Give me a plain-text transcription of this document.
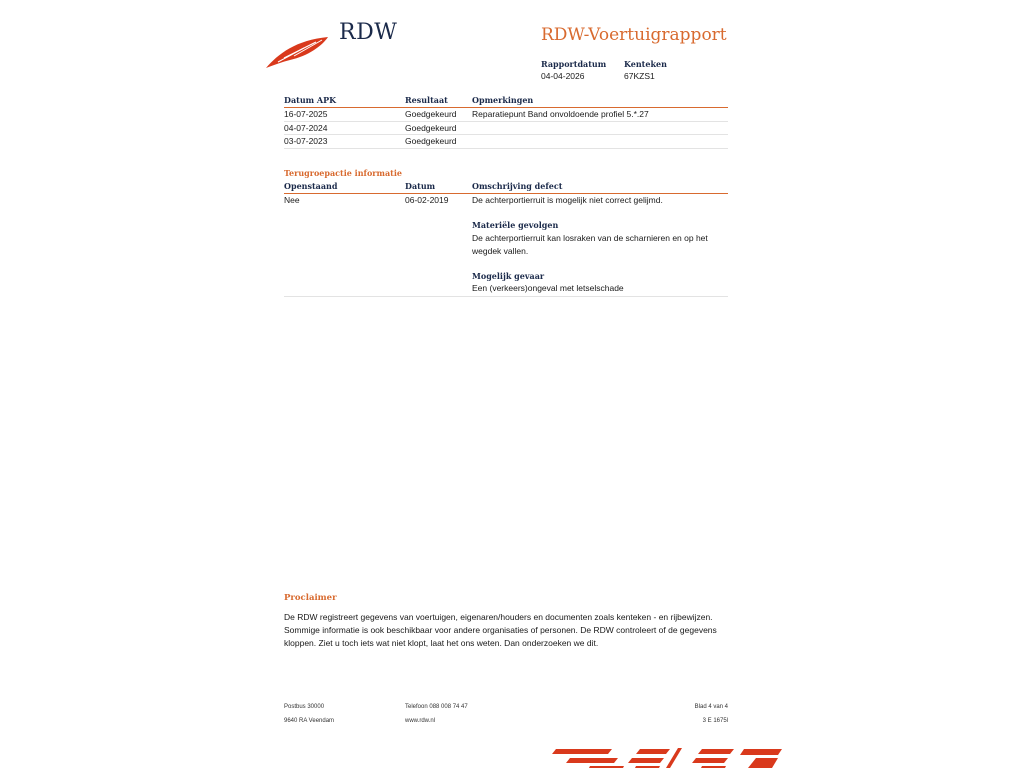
RDW	RDW-Voertuigrapport
Rapportdatum
04-04-2026
Kenteken
67KZS1
Datum APK	Resultaat	Opmerkingen
16-07-2025	Goedgekeurd Reparatiepunt Band onvoldoende profiel 5.*.27
04-07-2024	Goedgekeurd
03-07-2023	Goedgekeurd
Terugroepactie informatie
Openstaand	Datum	Omschrijving defect
Nee	06-02-2019	De achterportierruit is mogelijk niet correct gelijmd.
Materiële gevolgen
De achterportierruit kan losraken van de scharnieren en op het wegdek vallen.
Mogelijk gevaar
Een (verkeers)ongeval met letselschade
Proclaimer
De RDW registreert gegevens van voertuigen, eigenaren/houders en documenten zoals kenteken - en rijbewijzen. Sommige informatie is ook beschikbaar voor andere organisaties of personen. De RDW controleert of de gegevens kloppen. Ziet u toch iets wat niet klopt, laat het ons weten. Dan onderzoeken we dit.
Postbus 30000
9640 RA Veendam
Telefoon 088 008 74 47
www.rdw.nl
Blad 4 van 4
3 E 1675l
